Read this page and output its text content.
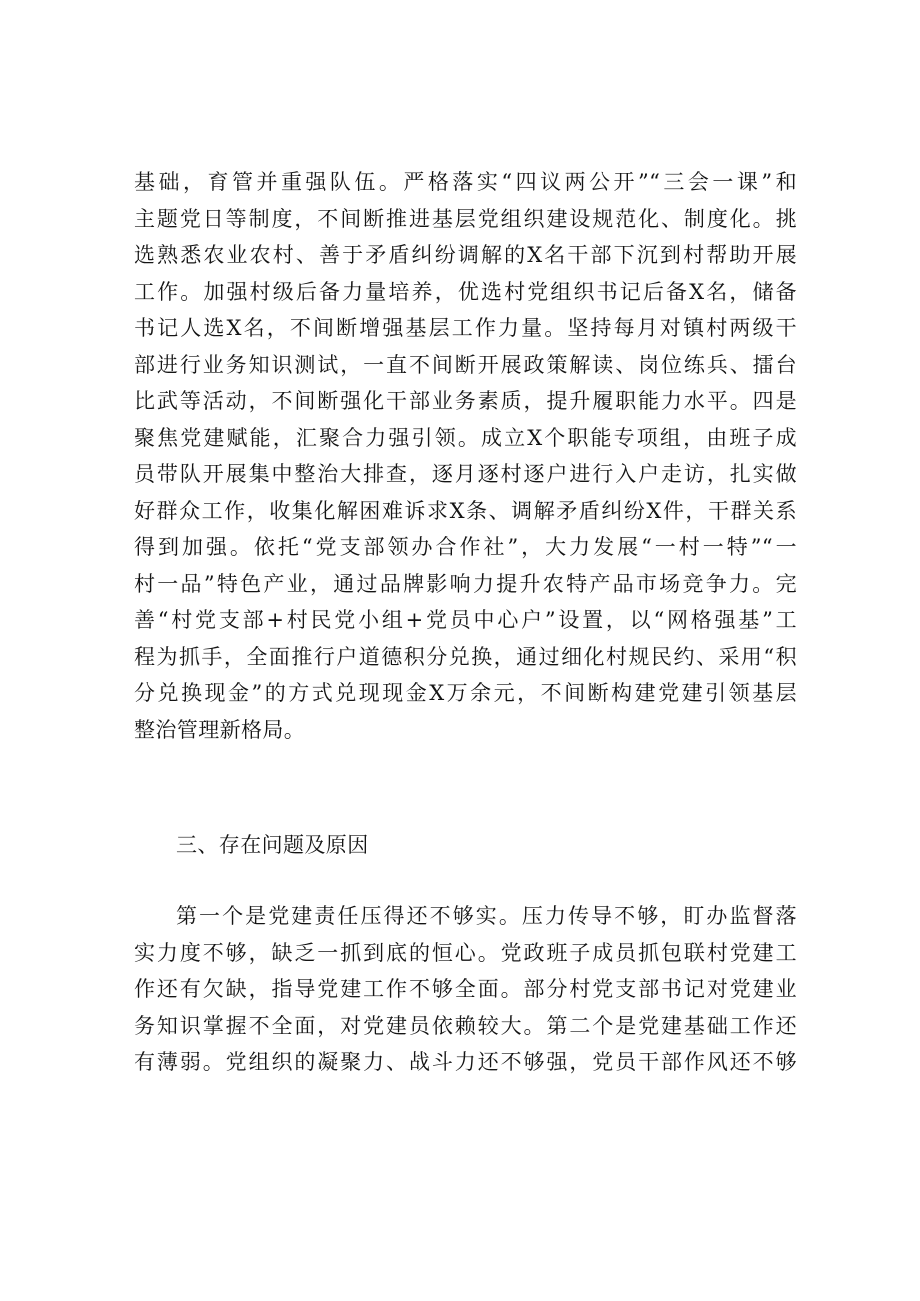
基础，育管并重强队伍。严格落实“四议两公开”“三会一课”和
主题党日等制度，不间断推进基层党组织建设规范化、制度化。挑
选熟悉农业农村、善于矛盾纠纷调解的X名干部下沉到村帮助开展
工作。加强村级后备力量培养，优选村党组织书记后备X名，储备
书记人选X名，不间断增强基层工作力量。坚持每月对镇村两级干
部进行业务知识测试，一直不间断开展政策解读、岗位练兵、擂台
比武等活动，不间断强化干部业务素质，提升履职能力水平。四是
聚焦党建赋能，汇聚合力强引领。成立X个职能专项组，由班子成
员带队开展集中整治大排查，逐月逐村逐户进行入户走访，扎实做
好群众工作，收集化解困难诉求X条、调解矛盾纠纷X件，干群关系
得到加强。依托“党支部领办合作社”，大力发展“一村一特”“一
村一品”特色产业，通过品牌影响力提升农特产品市场竞争力。完
善“村党支部+村民党小组+党员中心户”设置，以“网格强基”工
程为抓手，全面推行户道德积分兑换，通过细化村规民约、采用“积
分兑换现金”的方式兑现现金X万余元，不间断构建党建引领基层
整治管理新格局。
三、存在问题及原因
第一个是党建责任压得还不够实。压力传导不够，盯办监督落
实力度不够，缺乏一抓到底的恒心。党政班子成员抓包联村党建工
作还有欠缺，指导党建工作不够全面。部分村党支部书记对党建业
务知识掌握不全面，对党建员依赖较大。第二个是党建基础工作还
有薄弱。党组织的凝聚力、战斗力还不够强，党员干部作风还不够
